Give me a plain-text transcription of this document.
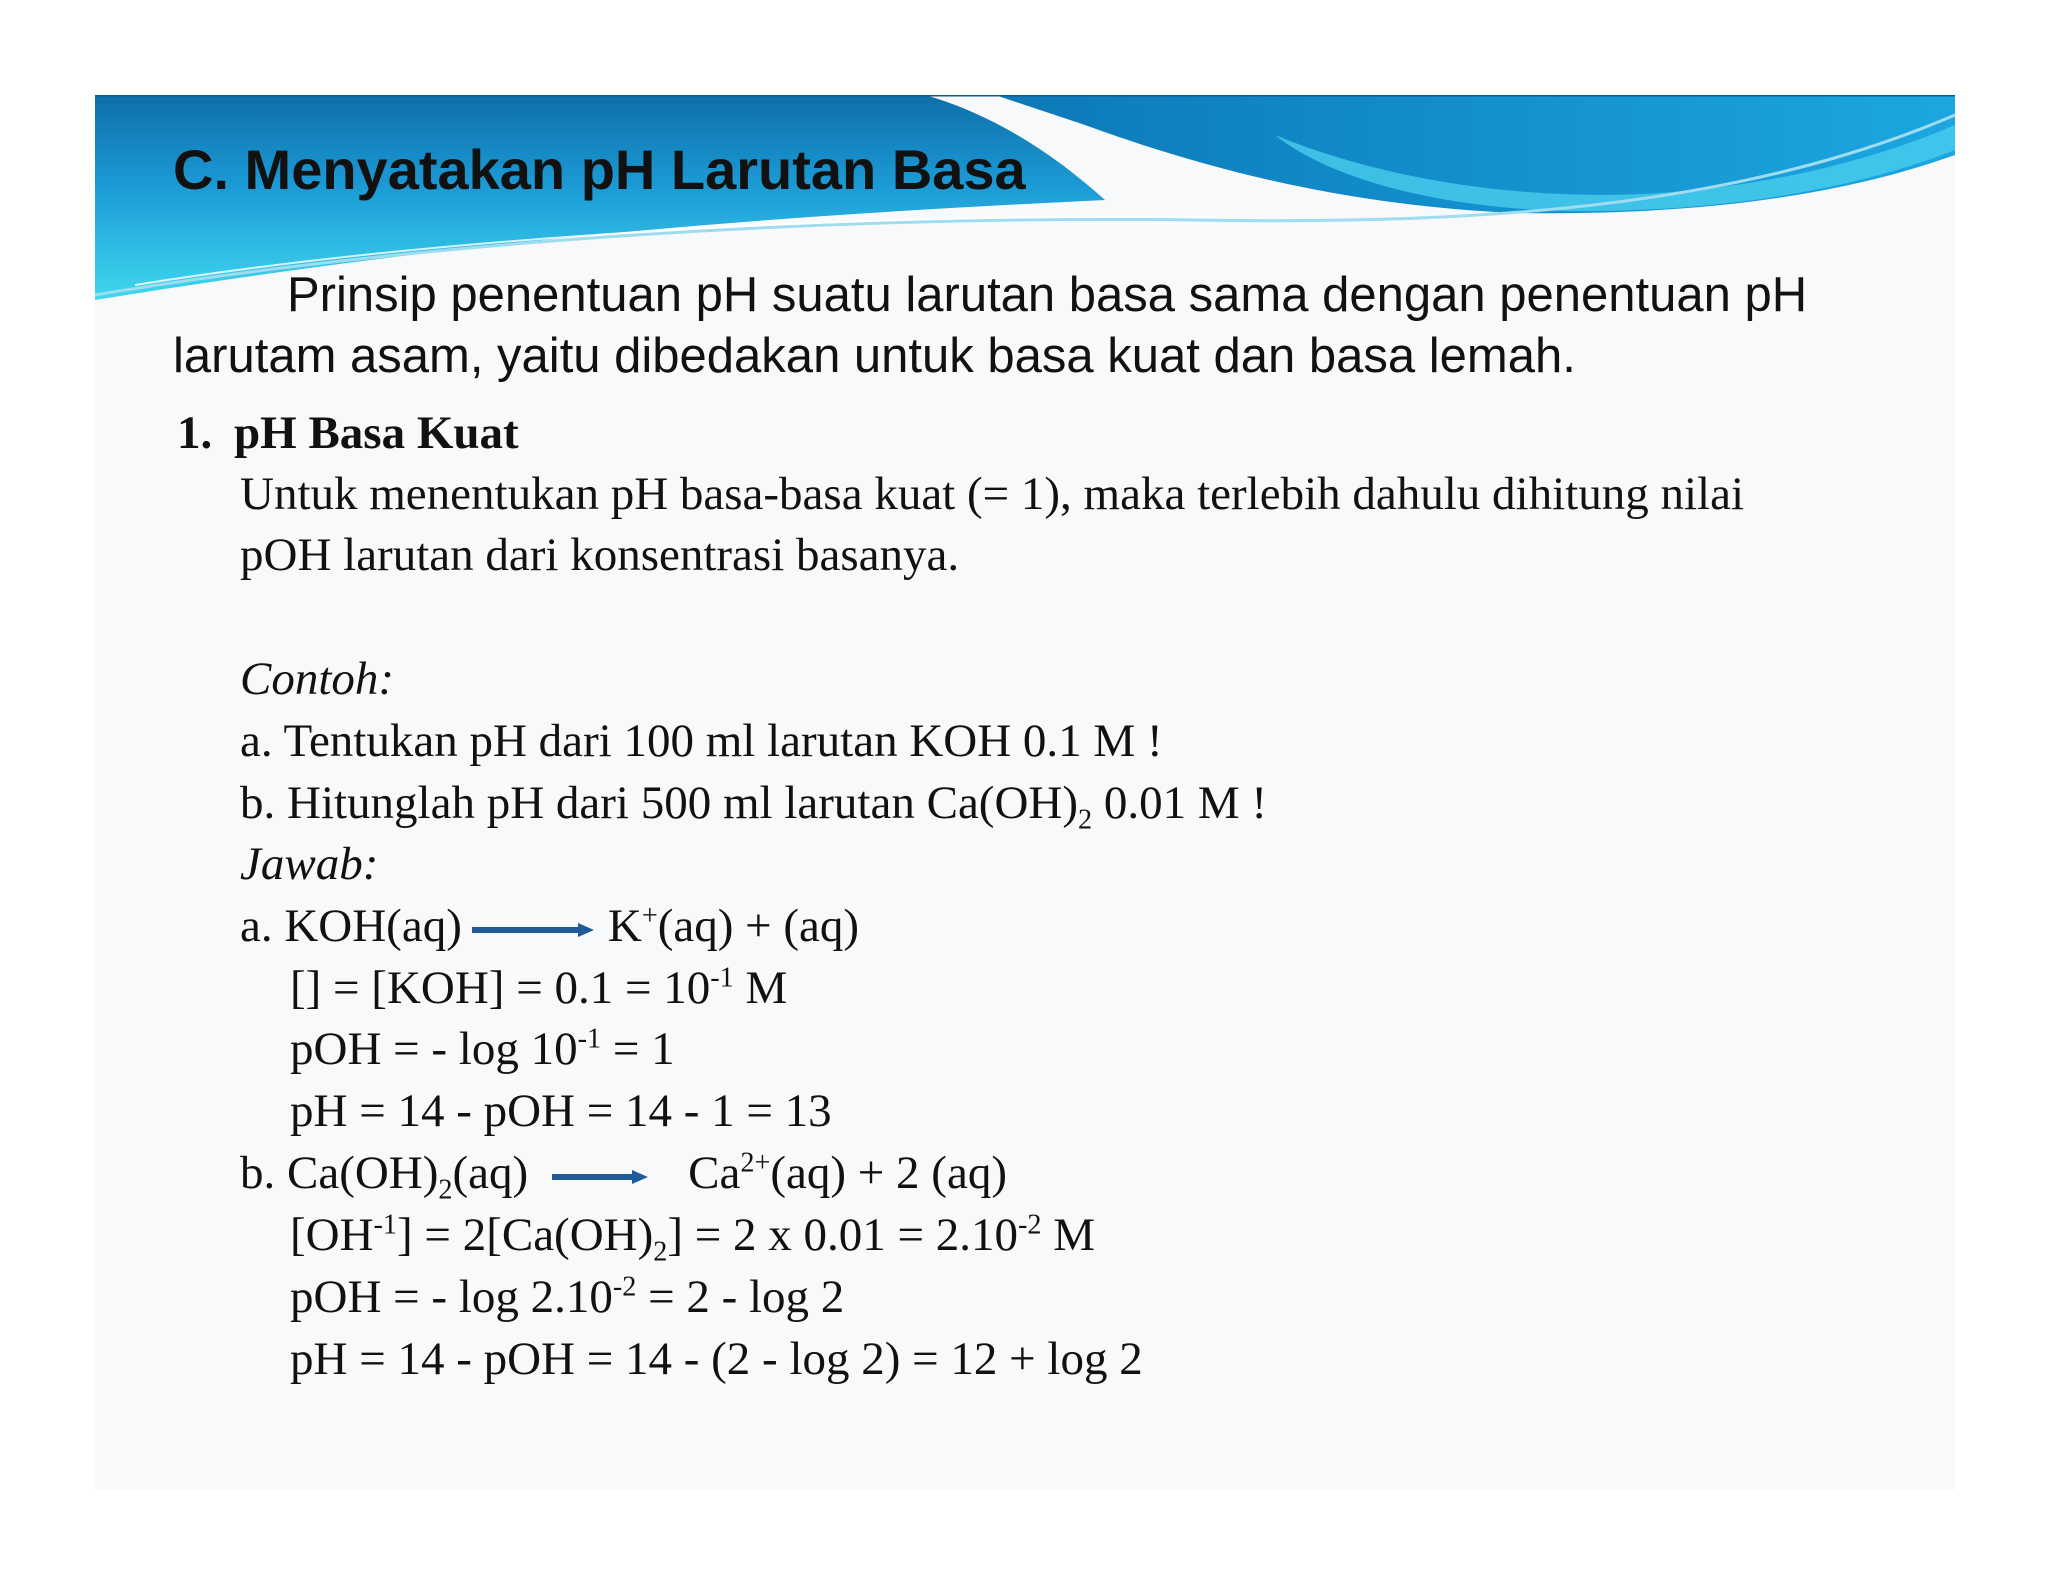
C. Menyatakan pH Larutan Basa
Prinsip penentuan pH suatu larutan basa sama dengan penentuan pH
larutam asam, yaitu dibedakan untuk basa kuat dan basa lemah.
1. pH Basa Kuat
Untuk menentukan pH basa-basa kuat (= 1), maka terlebih dahulu dihitung nilai
pOH larutan dari konsentrasi basanya.
Contoh:
a. Tentukan pH dari 100 ml larutan KOH 0.1 M !
b. Hitunglah pH dari 500 ml larutan $Ca(OH)_2$ 0.01 M !
Jawab:
a. KOH(aq)	K+(aq) + (aq)
[] = $[KOH] = 0.1 = 10^{-1}$ M
pOH = - $\log 10^{-1} = 1$
pH = 14 - pOH = 14 - 1 = 13
b. $Ca(OH)_2(aq)$	$Ca^{2+}(aq) + 2$ (aq)
$[OH^{-1}] = 2[Ca(OH)_2] = 2$ x $0.01 = 2.10^{-2}$ M
pOH = - $\log 2.10^{-2} = 2 - \log 2$
pH = 14 - pOH = 14 - (2 - log 2) = 12 + log 2
